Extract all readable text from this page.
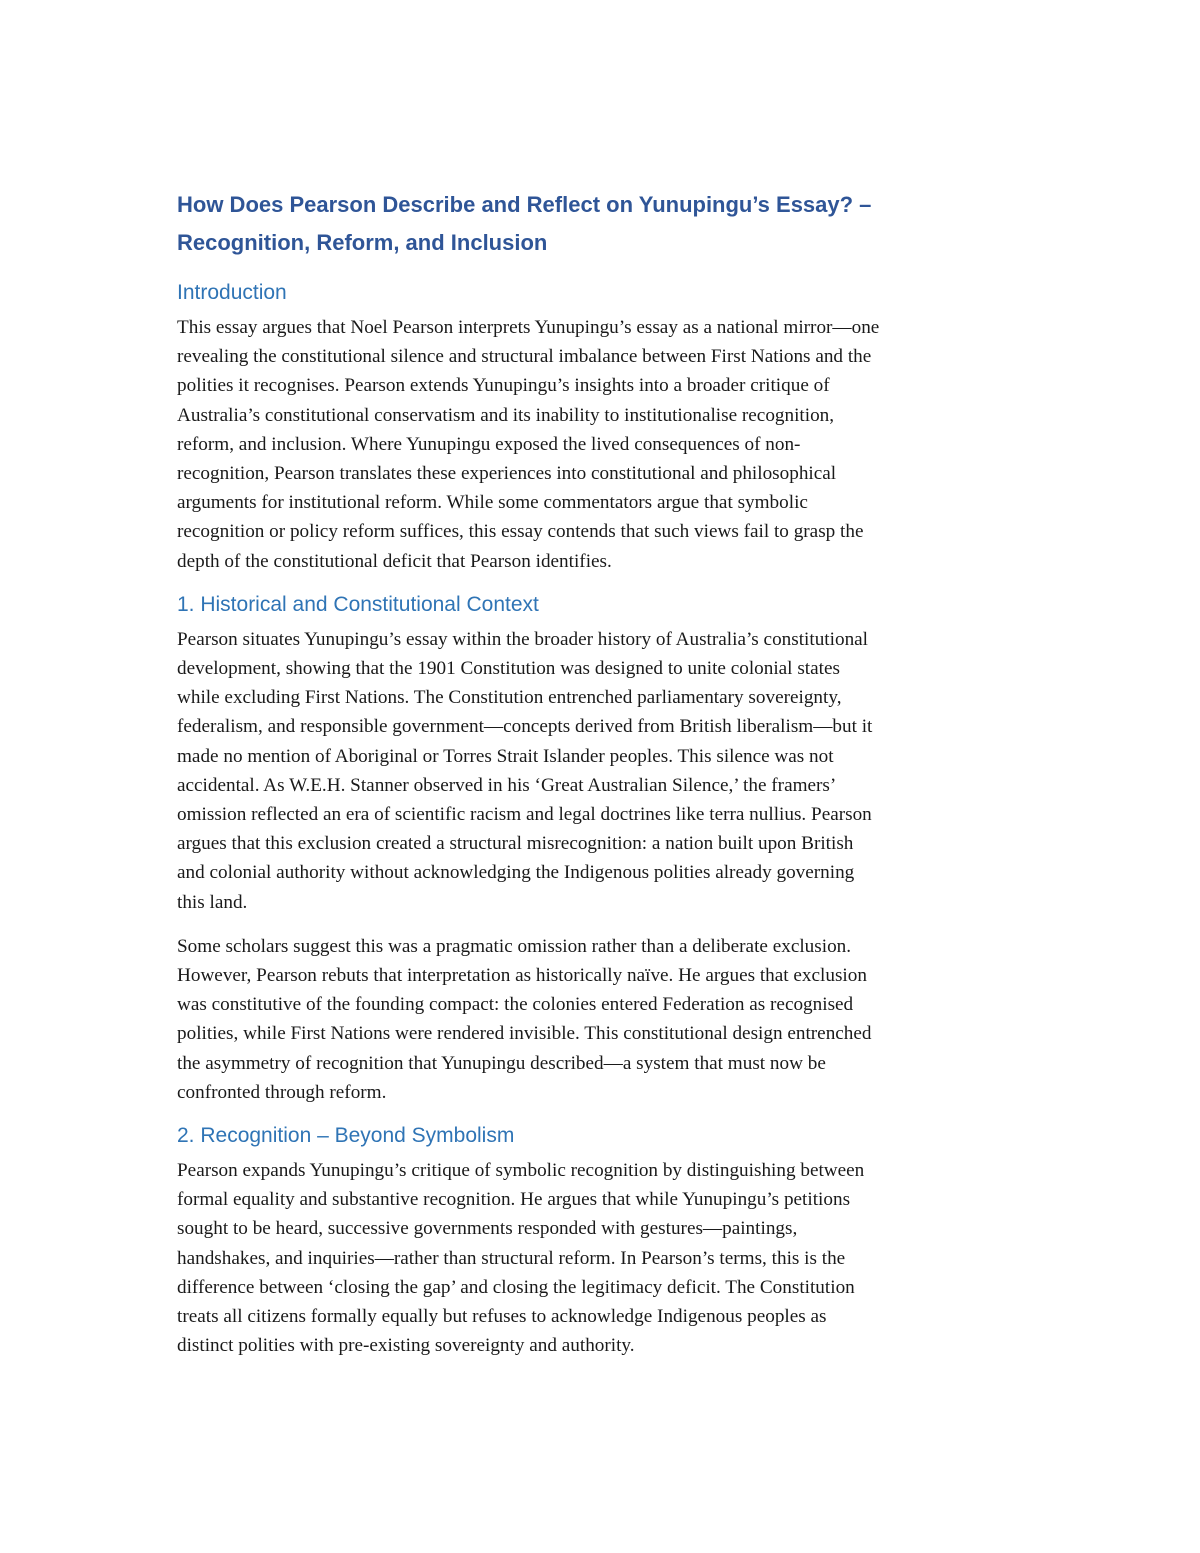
How Does Pearson Describe and Reflect on Yunupingu’s Essay? –
Recognition, Reform, and Inclusion
Introduction

This essay argues that Noel Pearson interprets Yunupingu’s essay as a national mirror—one
revealing the constitutional silence and structural imbalance between First Nations and the
polities it recognises. Pearson extends Yunupingu’s insights into a broader critique of
Australia’s constitutional conservatism and its inability to institutionalise recognition,
reform, and inclusion. Where Yunupingu exposed the lived consequences of non-
recognition, Pearson translates these experiences into constitutional and philosophical
arguments for institutional reform. While some commentators argue that symbolic
recognition or policy reform suffices, this essay contends that such views fail to grasp the
depth of the constitutional deficit that Pearson identifies.

1. Historical and Constitutional Context

Pearson situates Yunupingu’s essay within the broader history of Australia’s constitutional
development, showing that the 1901 Constitution was designed to unite colonial states
while excluding First Nations. The Constitution entrenched parliamentary sovereignty,
federalism, and responsible government—concepts derived from British liberalism—but it
made no mention of Aboriginal or Torres Strait Islander peoples. This silence was not
accidental. As W.E.H. Stanner observed in his ‘Great Australian Silence,’ the framers’
omission reflected an era of scientific racism and legal doctrines like terra nullius. Pearson
argues that this exclusion created a structural misrecognition: a nation built upon British
and colonial authority without acknowledging the Indigenous polities already governing
this land.

Some scholars suggest this was a pragmatic omission rather than a deliberate exclusion.
However, Pearson rebuts that interpretation as historically naïve. He argues that exclusion
was constitutive of the founding compact: the colonies entered Federation as recognised
polities, while First Nations were rendered invisible. This constitutional design entrenched
the asymmetry of recognition that Yunupingu described—a system that must now be
confronted through reform.

2. Recognition – Beyond Symbolism

Pearson expands Yunupingu’s critique of symbolic recognition by distinguishing between
formal equality and substantive recognition. He argues that while Yunupingu’s petitions
sought to be heard, successive governments responded with gestures—paintings,
handshakes, and inquiries—rather than structural reform. In Pearson’s terms, this is the
difference between ‘closing the gap’ and closing the legitimacy deficit. The Constitution
treats all citizens formally equally but refuses to acknowledge Indigenous peoples as
distinct polities with pre-existing sovereignty and authority.
